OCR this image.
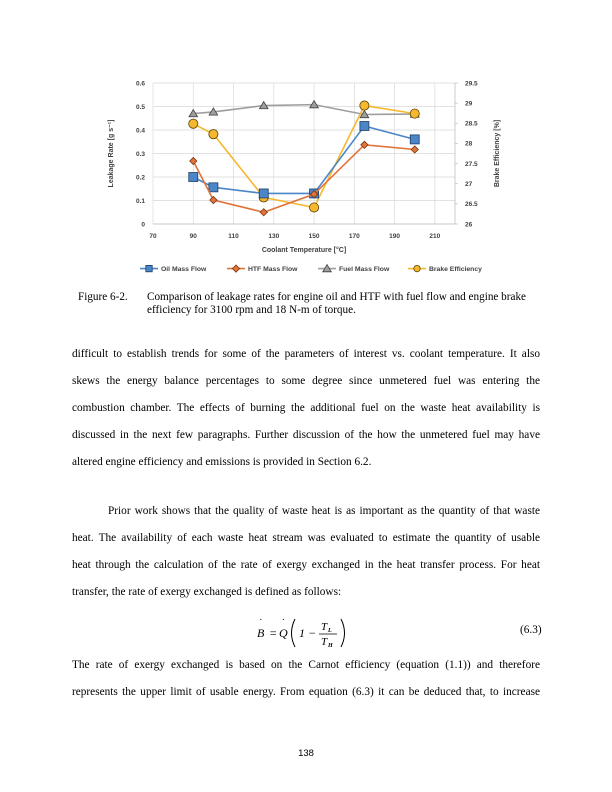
0
0.1
0.2
0.3
0.4
0.5
0.6
70	90	110	130	150	170	190	210
26
26.5
27
27.5
28
28.5
29
29.5
Coolant Temperature [°C]
Leakage Rate [g s⁻¹]	Brake Efficiency [%]
Oil Mass Flow	HTF Mass Flow	Fuel Mass Flow	Brake Efficiency
Figure 6-2. Comparison of leakage rates for engine oil and HTF with fuel flow and engine brake efficiency for 3100 rpm and 18 N-m of torque.
difficult to establish trends for some of the parameters of interest vs. coolant temperature. It also
skews the energy balance percentages to some degree since unmetered fuel was entering the
combustion chamber. The effects of burning the additional fuel on the waste heat availability is
discussed in the next few paragraphs. Further discussion of the how the unmetered fuel may have
altered engine efficiency and emissions is provided in Section 6.2.
Prior work shows that the quality of waste heat is as important as the quantity of that waste
heat. The availability of each waste heat stream was evaluated to estimate the quantity of usable
heat through the calculation of the rate of exergy exchanged in the heat transfer process. For heat
transfer, the rate of exergy exchanged is defined as follows:
B
˙
= Q
˙
1 − T L
T H
(6.3)
The rate of exergy exchanged is based on the Carnot efficiency (equation (1.1)) and therefore
represents the upper limit of usable energy. From equation (6.3) it can be deduced that, to increase
138
